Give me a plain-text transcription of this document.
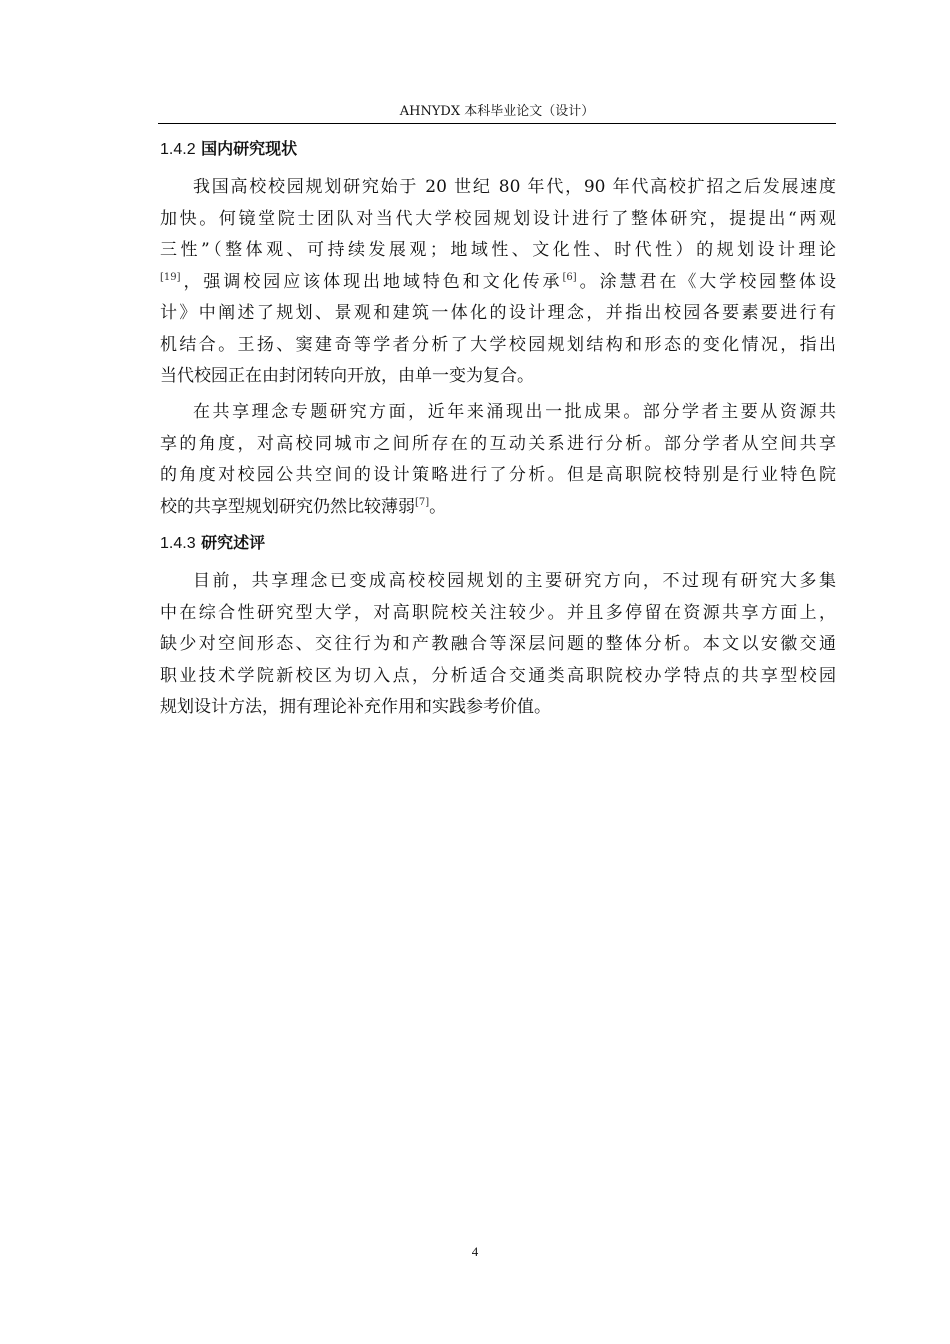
AHNYDX 本科毕业论文（设计）
1.4.2 国内研究现状
我国高校校园规划研究始于 20 世纪 80 年代，90 年代高校扩招之后发展速度
加快。何镜堂院士团队对当代大学校园规划设计进行了整体研究，提提出“两观
三性”（整体观、可持续发展观；地域性、文化性、时代性）的规划设计理论
[19]，强调校园应该体现出地域特色和文化传承[6]。涂慧君在《大学校园整体设
计》中阐述了规划、景观和建筑一体化的设计理念，并指出校园各要素要进行有
机结合。王扬、窦建奇等学者分析了大学校园规划结构和形态的变化情况，指出
当代校园正在由封闭转向开放，由单一变为复合。
在共享理念专题研究方面，近年来涌现出一批成果。部分学者主要从资源共
享的角度，对高校同城市之间所存在的互动关系进行分析。部分学者从空间共享
的角度对校园公共空间的设计策略进行了分析。但是高职院校特别是行业特色院
校的共享型规划研究仍然比较薄弱[7]。
1.4.3 研究述评
目前，共享理念已变成高校校园规划的主要研究方向，不过现有研究大多集
中在综合性研究型大学，对高职院校关注较少。并且多停留在资源共享方面上，
缺少对空间形态、交往行为和产教融合等深层问题的整体分析。本文以安徽交通
职业技术学院新校区为切入点，分析适合交通类高职院校办学特点的共享型校园
规划设计方法，拥有理论补充作用和实践参考价值。
4
